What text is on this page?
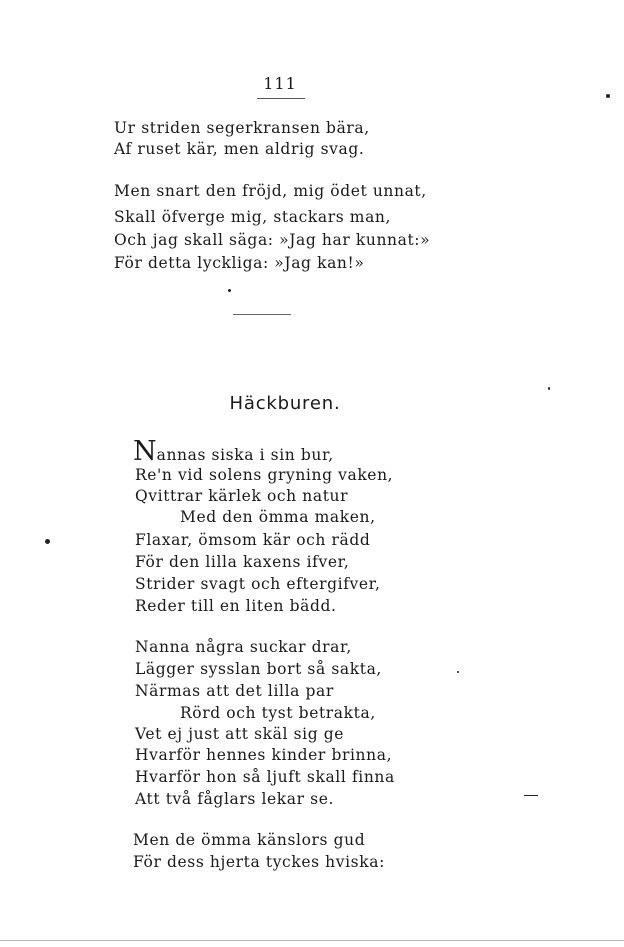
111
Ur striden segerkransen bära,
Af ruset kär, men aldrig svag.
Men snart den fröjd, mig ödet unnat,
Skall öfverge mig, stackars man,
Och jag skall säga: »Jag har kunnat:»
För detta lyckliga: »Jag kan!»
Häckburen.
Nannas siska i sin bur,
Re'n vid solens gryning vaken,
Qvittrar kärlek och natur
Med den ömma maken,
Flaxar, ömsom kär och rädd
För den lilla kaxens ifver,
Strider svagt och eftergifver,
Reder till en liten bädd.
Nanna några suckar drar,
Lägger sysslan bort så sakta,
Närmas att det lilla par
Rörd och tyst betrakta,
Vet ej just att skäl sig ge
Hvarför hennes kinder brinna,
Hvarför hon så ljuft skall finna
Att två fåglars lekar se.
Men de ömma känslors gud
För dess hjerta tyckes hviska:
